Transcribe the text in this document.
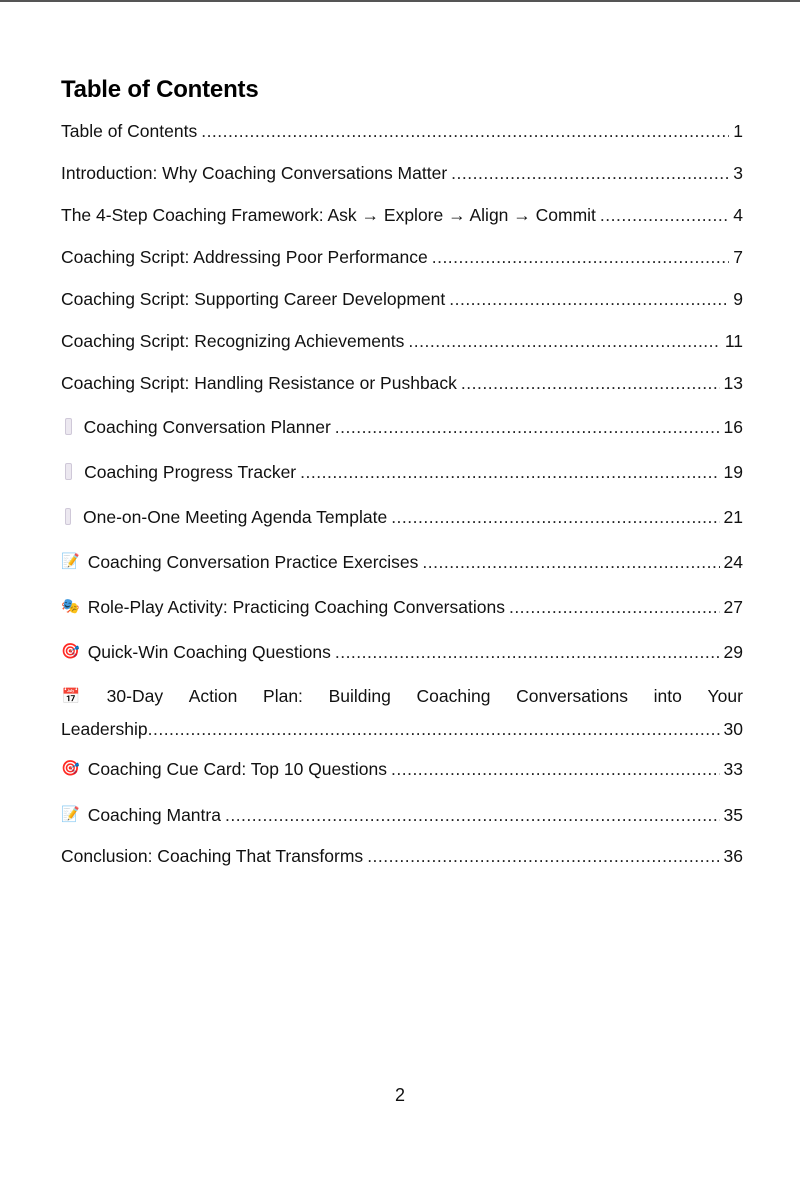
Table of Contents
Table of Contents .....	1
Introduction: Why Coaching Conversations Matter .....	3
The 4-Step Coaching Framework: Ask → Explore → Align → Commit .....	4
Coaching Script: Addressing Poor Performance .....	7
Coaching Script: Supporting Career Development .....	9
Coaching Script: Recognizing Achievements .....	11
Coaching Script: Handling Resistance or Pushback .....	13
Coaching Conversation Planner .....	16
Coaching Progress Tracker .....	19
One-on-One Meeting Agenda Template .....	21
📝 Coaching Conversation Practice Exercises .....	24
🎭 Role-Play Activity: Practicing Coaching Conversations .....	27
🎯 Quick-Win Coaching Questions .....	29
📅 30-Day Action Plan: Building Coaching Conversations into Your
Leadership .....	30
🎯 Coaching Cue Card: Top 10 Questions .....	33
📝 Coaching Mantra .....	35
Conclusion: Coaching That Transforms .....	36
2
